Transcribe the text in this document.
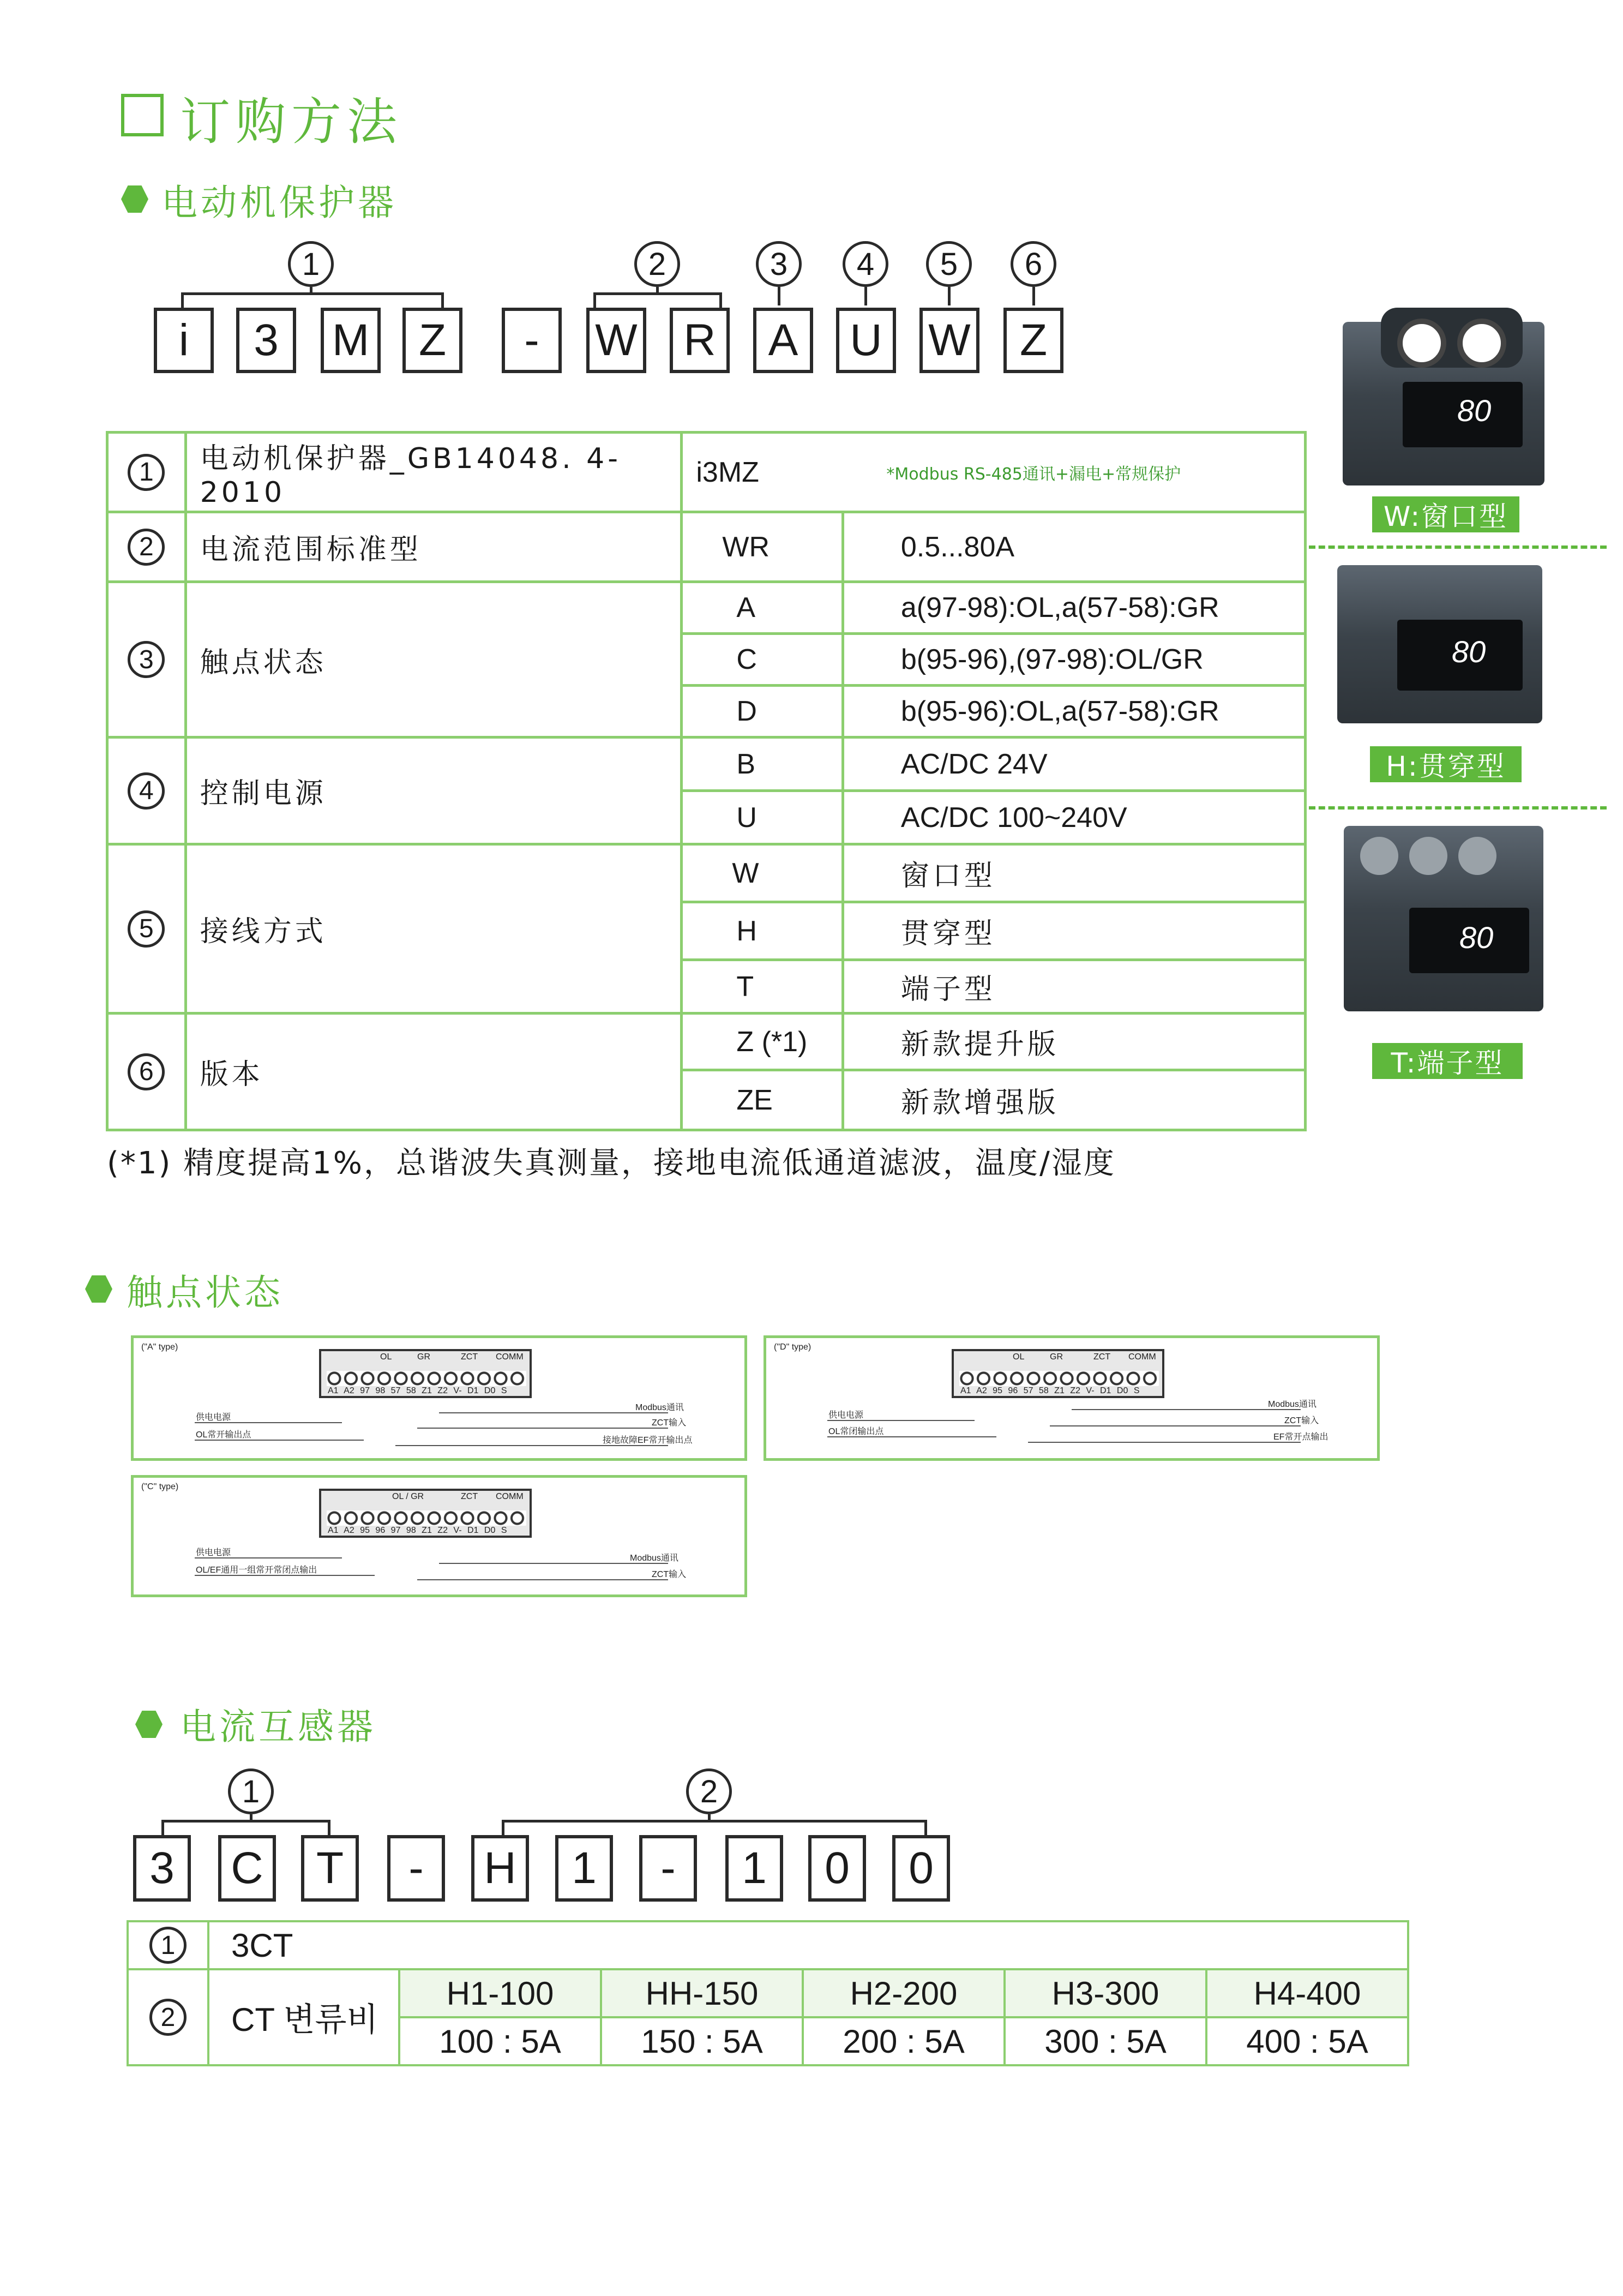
订购方法
电动机保护器
1	2	3	4	5	6
i	3	M	Z	-	W	R	A	U	W	Z
1	电动机保护器_GB14048. 4-2010	i3MZ	*Modbus RS-485通讯+漏电+常规保护

2	电流范围标准型	WR	0.5...80A

3	触点状态	A	a(97-98):OL,a(57-58):GR
		C	b(95-96),(97-98):OL/GR
		D	b(95-96):OL,a(57-58):GR

4	控制电源	B	AC/DC 24V
		U	AC/DC 100~240V

5	接线方式	W	窗口型
		H	贯穿型
		T	端子型

6	版本	Z (*1)	新款提升版
		ZE	新款增强版
(*1) 精度提高1%，总谐波失真测量，接地电流低通道滤波，温度/湿度
80
W:窗口型
80
H:贯穿型
80
T:端子型
触点状态
("A" type)
OL	GR	ZCT COMM
A1 A2 97 98 57 58 Z1 Z2 V- D1 D0 S
供电电源
OL常开输出点
Modbus通讯
ZCT输入
接地故障EF常开输出点
("D" type)
OL	GR	ZCT COMM
A1 A2 95 96 57 58 Z1 Z2 V- D1 D0 S
供电电源
OL常闭输出点
Modbus通讯
ZCT输入
EF常开点输出
("C" type)
OL / GR	ZCT COMM
A1 A2 95 96 97 98 Z1 Z2 V- D1 D0 S
供电电源
OL/EF通用一组常开常闭点输出
Modbus通讯
ZCT输入
电流互感器
1	2
3	C	T	-	H	1	-	1	0	0
1	3CT					

2	CT 변류비	H1-100	HH-150	H2-200	H3-300	H4-400
		100 : 5A	150 : 5A	200 : 5A	300 : 5A	400 : 5A
